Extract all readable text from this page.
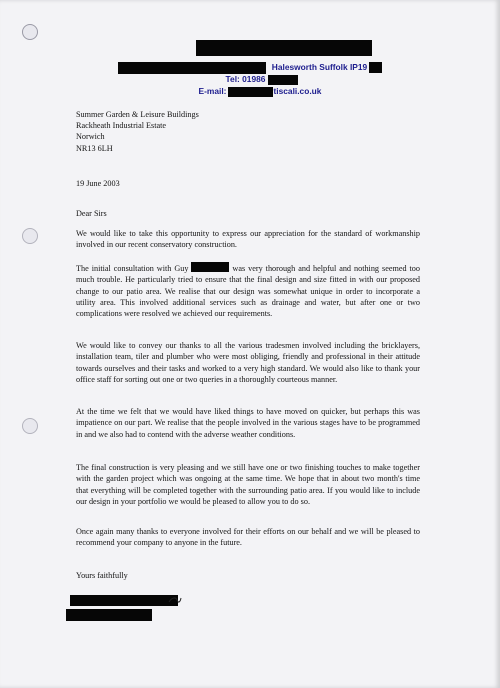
Halesworth Suffolk IP19
Tel: 01986
E-mail:	tiscali.co.uk
Summer Garden & Leisure Buildings
Rackheath Industrial Estate
Norwich
NR13 6LH
19 June 2003
Dear Sirs

We would like to take this opportunity to express our appreciation for the standard of workmanship involved in our recent conservatory construction.

The initial consultation with Guy	was very thorough and helpful and nothing seemed too much trouble. He particularly tried to ensure that the final design and size fitted in with our proposed change to our patio area. We realise that our design was somewhat unique in order to incorporate a utility area. This involved additional services such as drainage and water, but after one or two complications were resolved we achieved our requirements.

We would like to convey our thanks to all the various tradesmen involved including the bricklayers, installation team, tiler and plumber who were most obliging, friendly and professional in their attitude towards ourselves and their tasks and worked to a very high standard. We would also like to thank your office staff for sorting out one or two queries in a thoroughly courteous manner.

At the time we felt that we would have liked things to have moved on quicker, but perhaps this was impatience on our part. We realise that the people involved in the various stages have to be programmed in and we also had to contend with the adverse weather conditions.

The final construction is very pleasing and we still have one or two finishing touches to make together with the garden project which was ongoing at the same time. We hope that in about two month's time that everything will be completed together with the surrounding patio area. If you would like to include our design in your portfolio we would be pleased to allow you to do so.

Once again many thanks to everyone involved for their efforts on our behalf and we will be pleased to recommend your company to anyone in the future.

Yours faithfully
